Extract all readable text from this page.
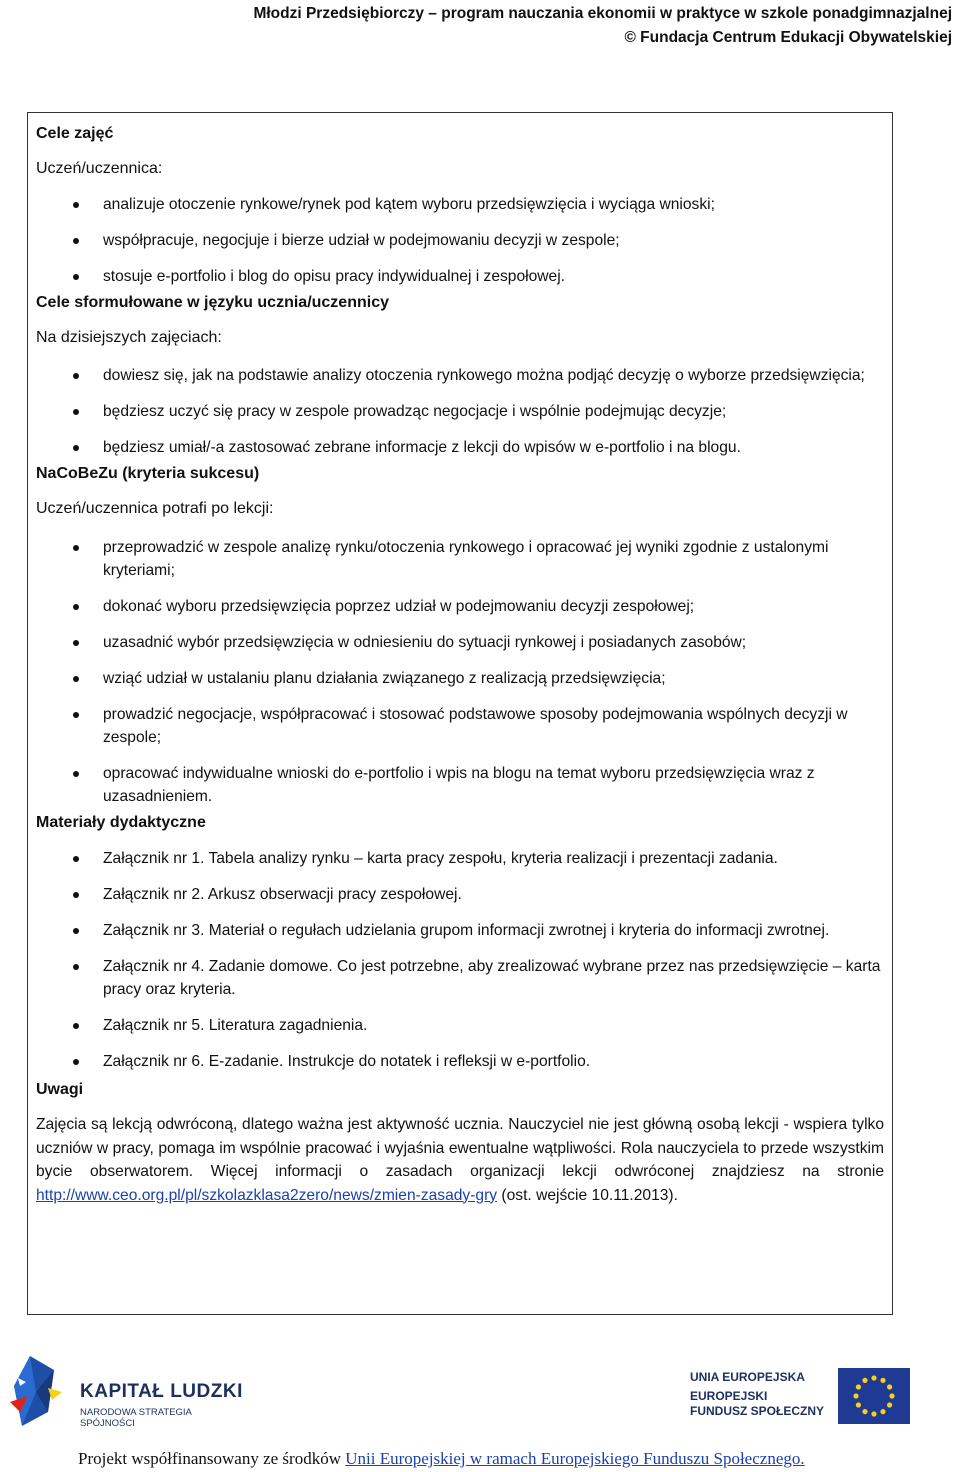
Młodzi Przedsiębiorczy – program nauczania ekonomii w praktyce w szkole ponadgimnazjalnej
© Fundacja Centrum Edukacji Obywatelskiej

Cele zajęć

Uczeń/uczennica:

analizuje otoczenie rynkowe/rynek pod kątem wyboru przedsięwzięcia i wyciąga wnioski;
współpracuje, negocjuje i bierze udział w podejmowaniu decyzji w zespole;
stosuje e-portfolio i blog do opisu pracy indywidualnej i zespołowej.

Cele sformułowane w języku ucznia/uczennicy

Na dzisiejszych zajęciach:

dowiesz się, jak na podstawie analizy otoczenia rynkowego można podjąć decyzję o wyborze przedsięwzięcia;
będziesz uczyć się pracy w zespole prowadząc negocjacje i wspólnie podejmując decyzje;
będziesz umiał/-a zastosować zebrane informacje z lekcji do wpisów w e-portfolio i na blogu.

NaCoBeZu (kryteria sukcesu)

Uczeń/uczennica potrafi po lekcji:

przeprowadzić w zespole analizę rynku/otoczenia rynkowego i opracować jej wyniki zgodnie z ustalonymi kryteriami;
dokonać wyboru przedsięwzięcia poprzez udział w podejmowaniu decyzji zespołowej;
uzasadnić wybór przedsięwzięcia w odniesieniu do sytuacji rynkowej i posiadanych zasobów;
wziąć udział w ustalaniu planu działania związanego z realizacją przedsięwzięcia;
prowadzić negocjacje, współpracować i stosować podstawowe sposoby podejmowania wspólnych decyzji w zespole;
opracować indywidualne wnioski do e-portfolio i wpis na blogu na temat wyboru przedsięwzięcia wraz z uzasadnieniem.

Materiały dydaktyczne

Załącznik nr 1. Tabela analizy rynku – karta pracy zespołu, kryteria realizacji i prezentacji zadania.
Załącznik nr 2. Arkusz obserwacji pracy zespołowej.
Załącznik nr 3. Materiał o regułach udzielania grupom informacji zwrotnej i kryteria do informacji zwrotnej.
Załącznik nr 4. Zadanie domowe. Co jest potrzebne, aby zrealizować wybrane przez nas przedsięwzięcie – karta pracy oraz kryteria.
Załącznik nr 5. Literatura zagadnienia.
Załącznik nr 6. E-zadanie. Instrukcje do notatek i refleksji w e-portfolio.

Uwagi

Zajęcia są lekcją odwróconą, dlatego ważna jest aktywność ucznia. Nauczyciel nie jest główną osobą lekcji - wspiera tylko uczniów w pracy, pomaga im wspólnie pracować i wyjaśnia ewentualne wątpliwości. Rola nauczyciela to przede wszystkim bycie obserwatorem. Więcej informacji o zasadach organizacji lekcji odwróconej znajdziesz na stronie http://www.ceo.org.pl/pl/szkolazklasa2zero/news/zmien-zasady-gry (ost. wejście 10.11.2013).

KAPITAŁ LUDZKI
NARODOWA STRATEGIA SPÓJNOŚCI
UNIA EUROPEJSKA
EUROPEJSKI
FUNDUSZ SPOŁECZNY
Projekt współfinansowany ze środków Unii Europejskiej w ramach Europejskiego Funduszu Społecznego.
